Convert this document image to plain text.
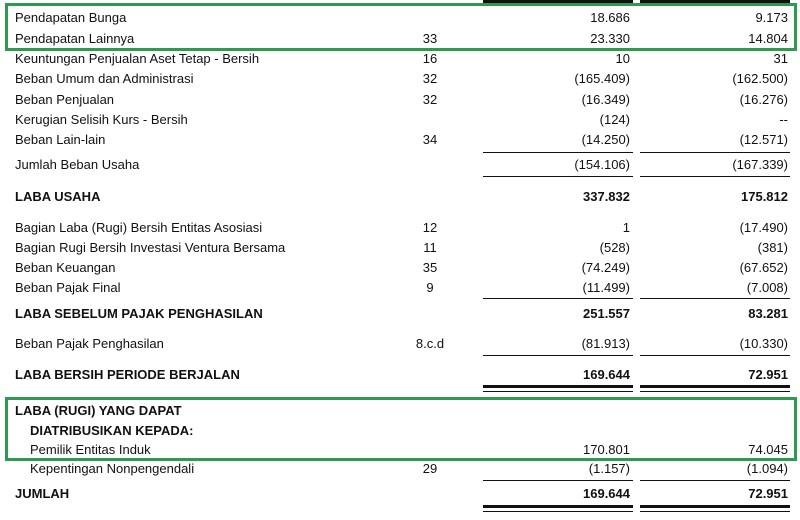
Pendapatan Bunga	18.686	9.173
Pendapatan Lainnya	33	23.330	14.804
Keuntungan Penjualan Aset Tetap - Bersih	16	10	31
Beban Umum dan Administrasi	32	(165.409)	(162.500)
Beban Penjualan	32	(16.349)	(16.276)
Kerugian Selisih Kurs - Bersih	(124)	--
Beban Lain-lain	34	(14.250)	(12.571)
Jumlah Beban Usaha	(154.106)	(167.339)
LABA USAHA	337.832	175.812
Bagian Laba (Rugi) Bersih Entitas Asosiasi	12	1	(17.490)
Bagian Rugi Bersih Investasi Ventura Bersama	11	(528)	(381)
Beban Keuangan	35	(74.249)	(67.652)
Beban Pajak Final	9	(11.499)	(7.008)
LABA SEBELUM PAJAK PENGHASILAN	251.557	83.281
Beban Pajak Penghasilan	8.c.d	(81.913)	(10.330)
LABA BERSIH PERIODE BERJALAN	169.644	72.951
LABA (RUGI) YANG DAPAT
DIATRIBUSIKAN KEPADA:
Pemilik Entitas Induk	170.801	74.045
Kepentingan Nonpengendali	29	(1.157)	(1.094)
JUMLAH	169.644	72.951
